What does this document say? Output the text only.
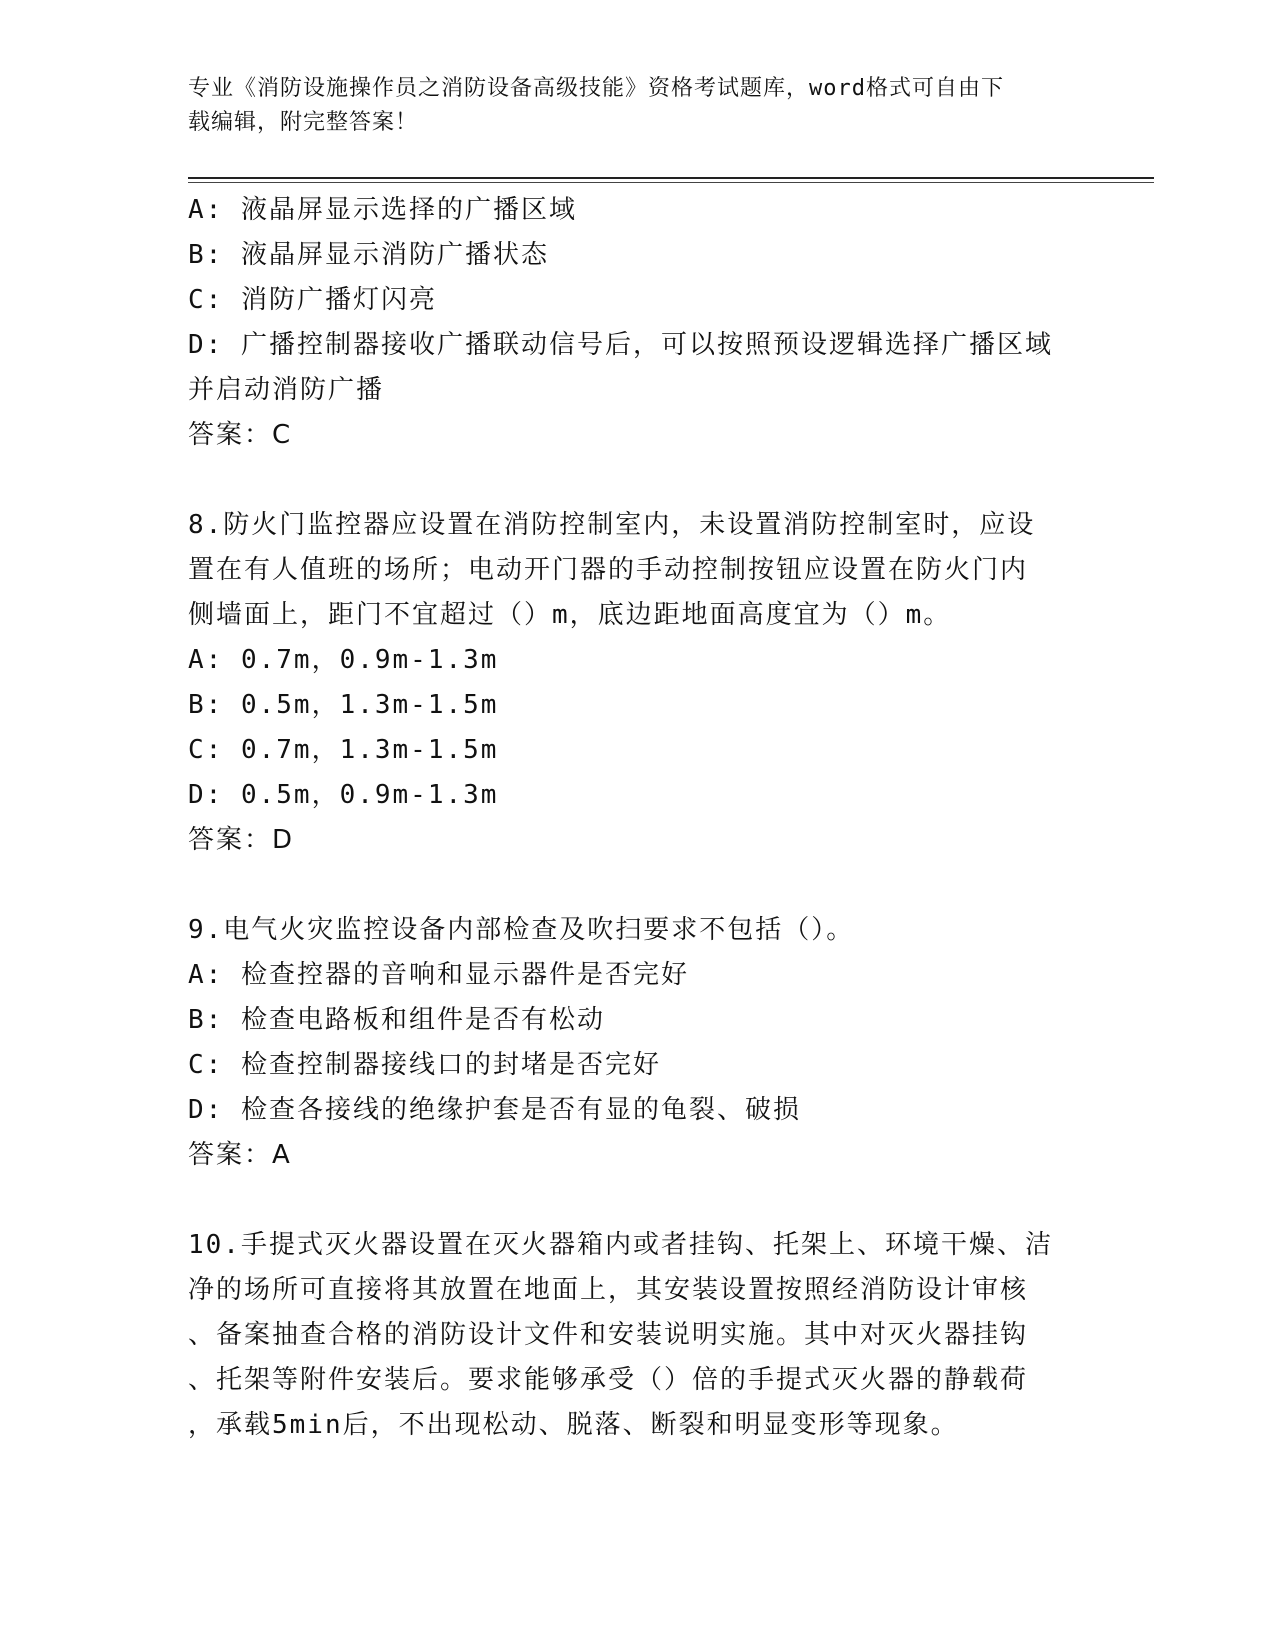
专业《消防设施操作员之消防设备高级技能》资格考试题库，word格式可自由下
载编辑，附完整答案！

A: 液晶屏显示选择的广播区域

B: 液晶屏显示消防广播状态

C: 消防广播灯闪亮

D: 广播控制器接收广播联动信号后，可以按照预设逻辑选择广播区域

并启动消防广播

答案：C

8.防火门监控器应设置在消防控制室内，未设置消防控制室时，应设

置在有人值班的场所；电动开门器的手动控制按钮应设置在防火门内

侧墙面上，距门不宜超过（）m，底边距地面高度宜为（）m。

A: 0.7m，0.9m-1.3m

B: 0.5m，1.3m-1.5m

C: 0.7m，1.3m-1.5m

D: 0.5m，0.9m-1.3m

答案：D

9.电气火灾监控设备内部检查及吹扫要求不包括（）。

A: 检查控器的音响和显示器件是否完好

B: 检查电路板和组件是否有松动

C: 检查控制器接线口的封堵是否完好

D: 检查各接线的绝缘护套是否有显的龟裂、破损

答案：A

10.手提式灭火器设置在灭火器箱内或者挂钩、托架上、环境干燥、洁

净的场所可直接将其放置在地面上，其安装设置按照经消防设计审核

、备案抽查合格的消防设计文件和安装说明实施。其中对灭火器挂钩

、托架等附件安装后。要求能够承受（）倍的手提式灭火器的静载荷

，承载5min后，不出现松动、脱落、断裂和明显变形等现象。
